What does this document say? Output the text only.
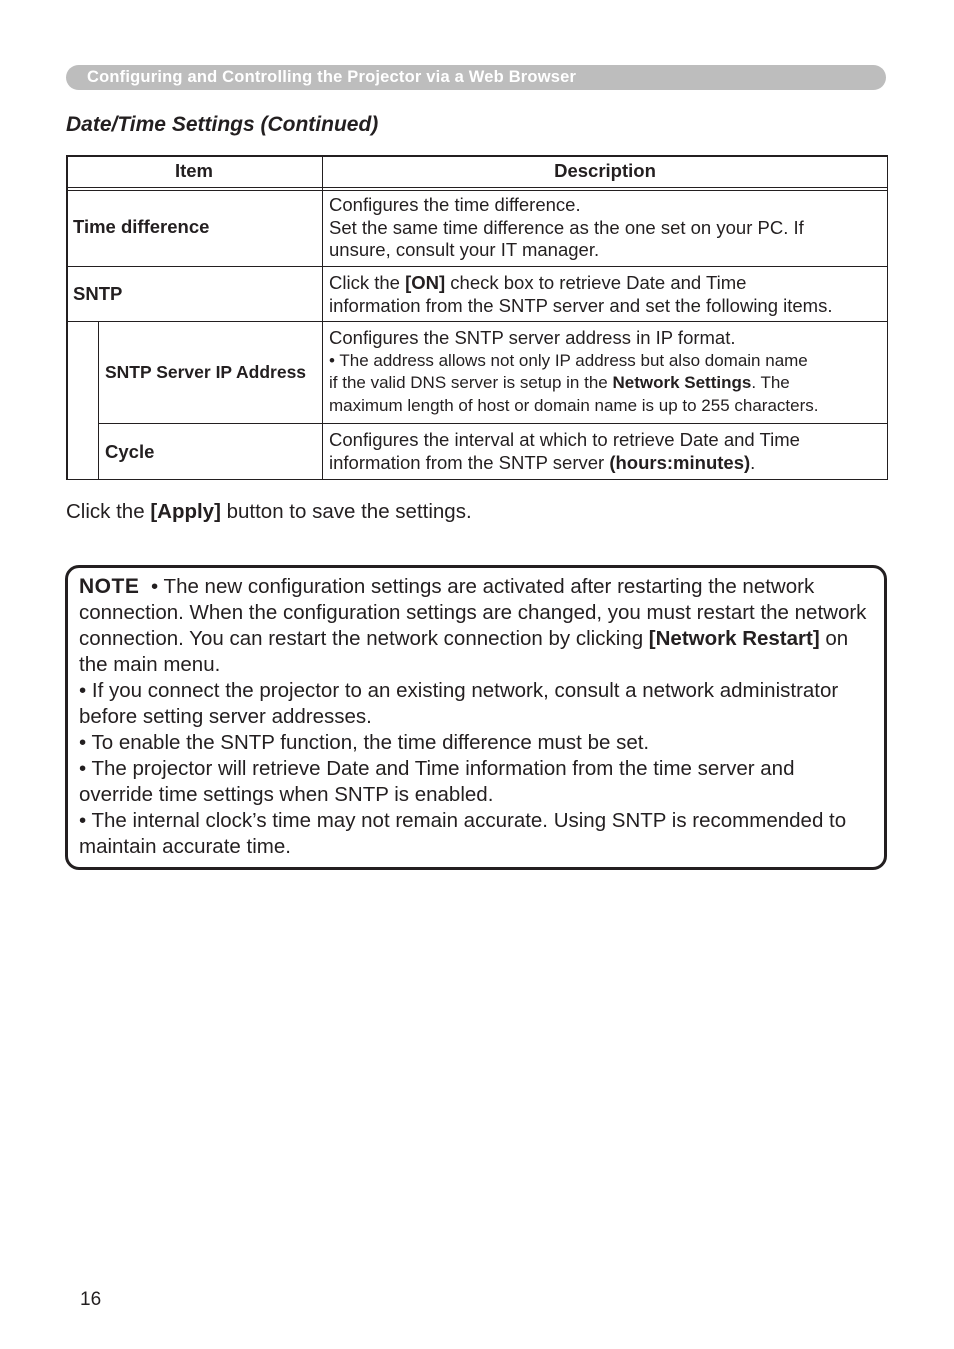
Configuring and Controlling the Projector via a Web Browser
Date/Time Settings (Continued)
Item	Description
Time difference
Configures the time difference.
Set the same time difference as the one set on your PC. If
unsure, consult your IT manager.
SNTP
Click the [ON] check box to retrieve Date and Time
information from the SNTP server and set the following items.
SNTP Server IP Address
Configures the SNTP server address in IP format.
• The address allows not only IP address but also domain name
if the valid DNS server is setup in the Network Settings. The
maximum length of host or domain name is up to 255 characters.
Cycle
Configures the interval at which to retrieve Date and Time
information from the SNTP server (hours:minutes).
Click the [Apply] button to save the settings.
NOTE • The new configuration settings are activated after restarting the network connection. When the configuration settings are changed, you must restart the network connection. You can restart the network connection by clicking [Network Restart] on the main menu.
• If you connect the projector to an existing network, consult a network administrator before setting server addresses.
• To enable the SNTP function, the time difference must be set.
• The projector will retrieve Date and Time information from the time server and override time settings when SNTP is enabled.
• The internal clock’s time may not remain accurate. Using SNTP is recommended to maintain accurate time.
16
